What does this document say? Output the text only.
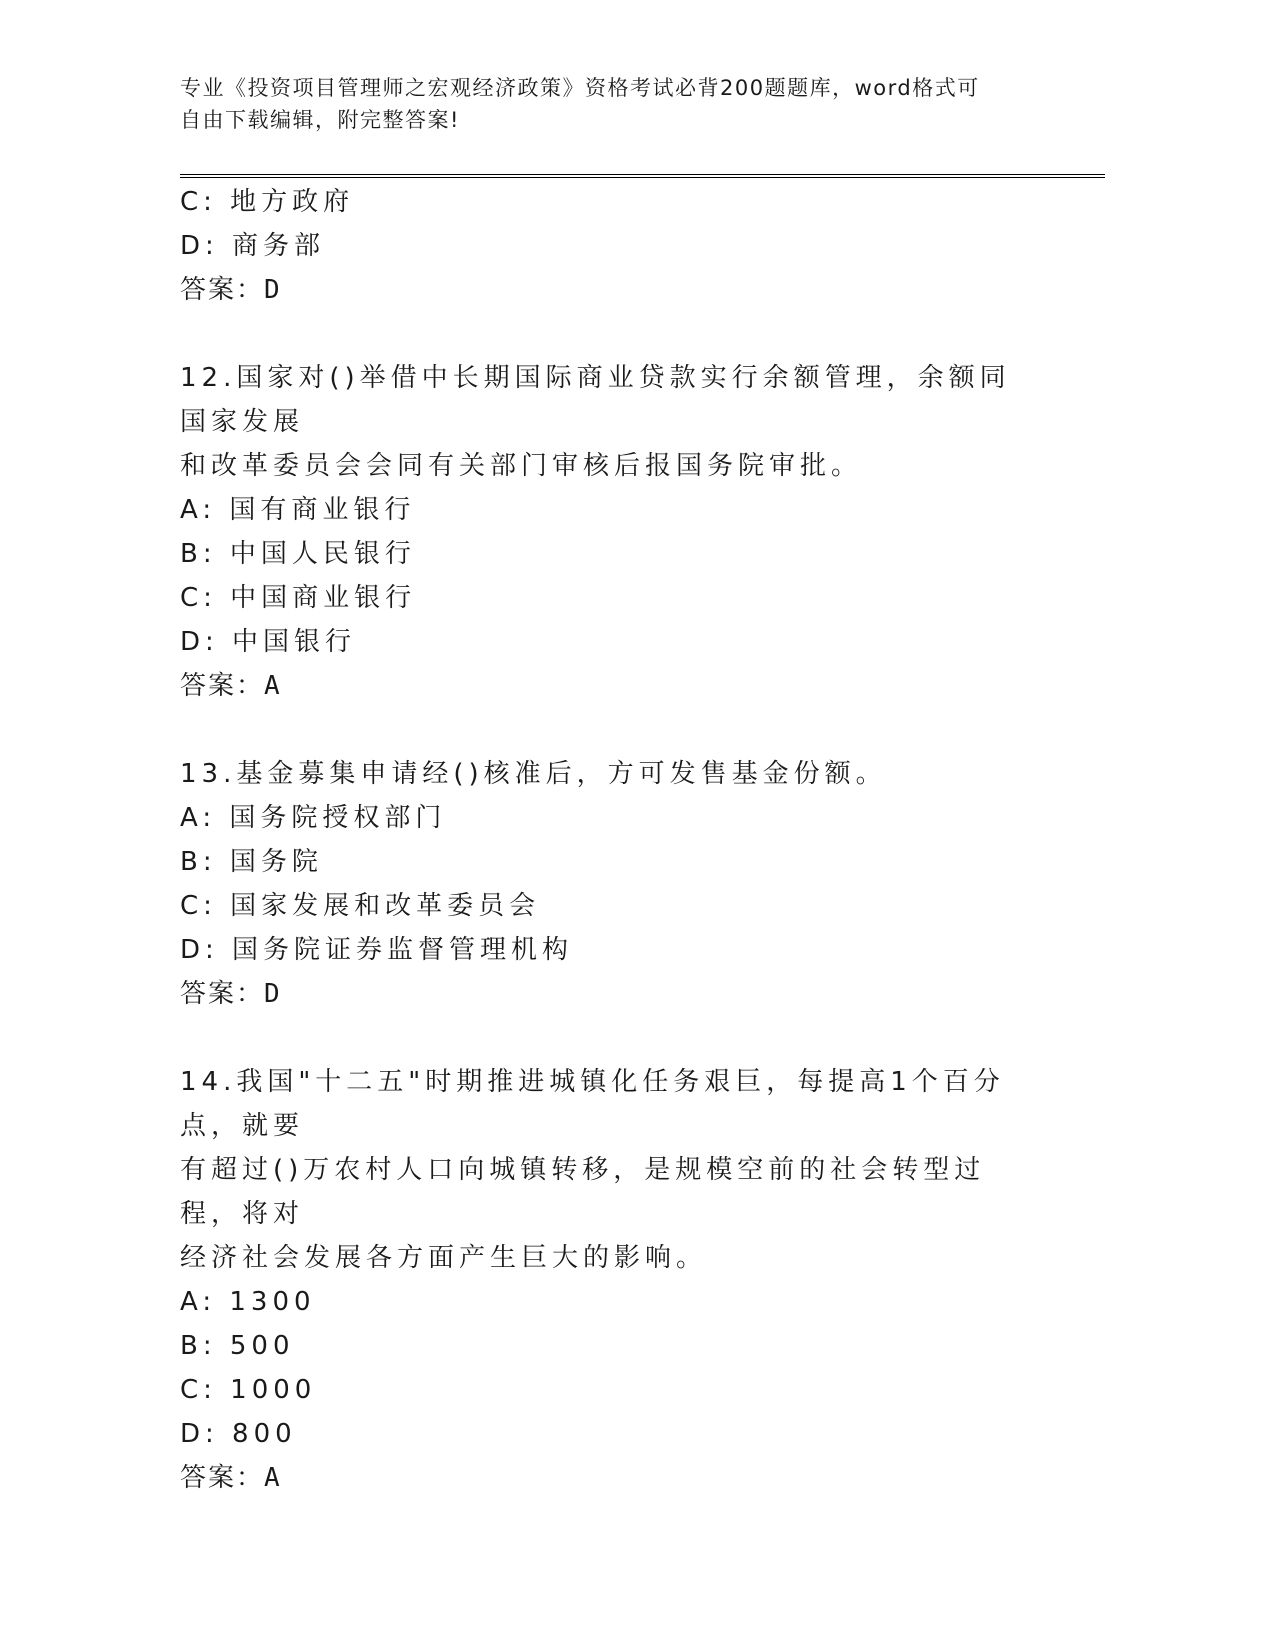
专业《投资项目管理师之宏观经济政策》资格考试必背200题题库，word格式可
自由下载编辑，附完整答案!
C: 地方政府
D: 商务部
答案：D
12.国家对()举借中长期国际商业贷款实行余额管理，余额同国家发展
和改革委员会会同有关部门审核后报国务院审批。
A: 国有商业银行
B: 中国人民银行
C: 中国商业银行
D: 中国银行
答案：A
13.基金募集申请经()核准后，方可发售基金份额。
A: 国务院授权部门
B: 国务院
C: 国家发展和改革委员会
D: 国务院证券监督管理机构
答案：D
14.我国"十二五"时期推进城镇化任务艰巨，每提高1个百分点，就要
有超过()万农村人口向城镇转移，是规模空前的社会转型过程，将对
经济社会发展各方面产生巨大的影响。
A: 1300
B: 500
C: 1000
D: 800
答案：A
